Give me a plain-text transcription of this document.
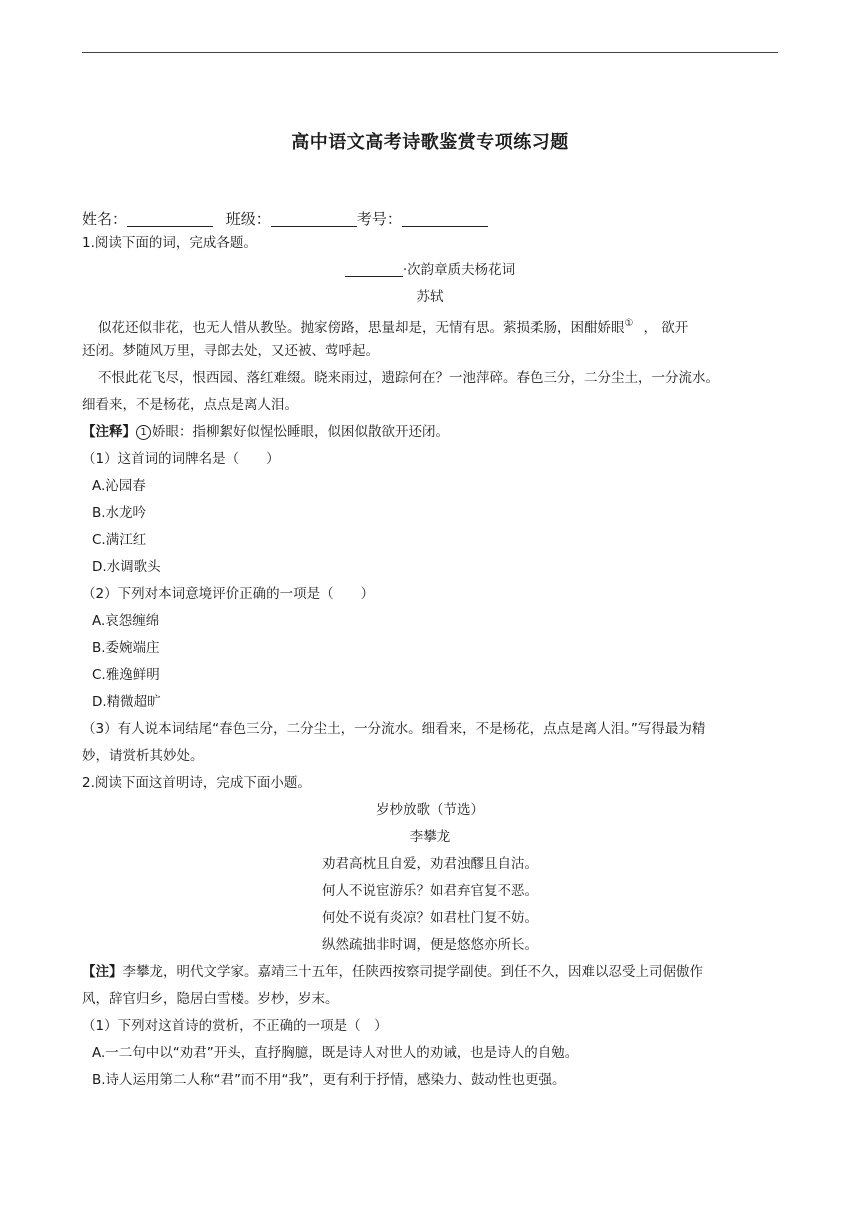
高中语文高考诗歌鉴赏专项练习题
姓名：	班级：	考号：
1.阅读下面的词，完成各题。
·次韵章质夫杨花词
苏轼
似花还似非花，也无人惜从教坠。抛家傍路，思量却是，无情有思。萦损柔肠，困酣娇眼① ， 欲开
还闭。梦随风万里，寻郎去处，又还被、莺呼起。
不恨此花飞尽，恨西园、落红难缀。晓来雨过，遗踪何在？一池萍碎。春色三分，二分尘土，一分流水。
细看来，不是杨花，点点是离人泪。
【注释】 1 娇眼：指柳絮好似惺忪睡眼，似困似散欲开还闭。
（1）这首词的词牌名是（　　）
A.沁园春
B.水龙吟
C.满江红
D.水调歌头
（2）下列对本词意境评价正确的一项是（　　）
A.哀怨缠绵
B.委婉端庄
C.雅逸鲜明
D.精微超旷
（3）有人说本词结尾“春色三分，二分尘土，一分流水。细看来，不是杨花，点点是离人泪。”写得最为精
妙，请赏析其妙处。
2.阅读下面这首明诗，完成下面小题。
岁杪放歌（节选）
李攀龙
劝君高枕且自爱，劝君浊醪且自沽。
何人不说宦游乐？如君弃官复不恶。
何处不说有炎凉？如君杜门复不妨。
纵然疏拙非时调，便是悠悠亦所长。
【注】李攀龙，明代文学家。嘉靖三十五年，任陕西按察司提学副使。到任不久，因难以忍受上司倨傲作
风，辞官归乡，隐居白雪楼。岁杪，岁末。
（1）下列对这首诗的赏析，不正确的一项是（　）
A.一二句中以“劝君”开头，直抒胸臆，既是诗人对世人的劝诫，也是诗人的自勉。
B.诗人运用第二人称“君”而不用“我”，更有利于抒情，感染力、鼓动性也更强。
